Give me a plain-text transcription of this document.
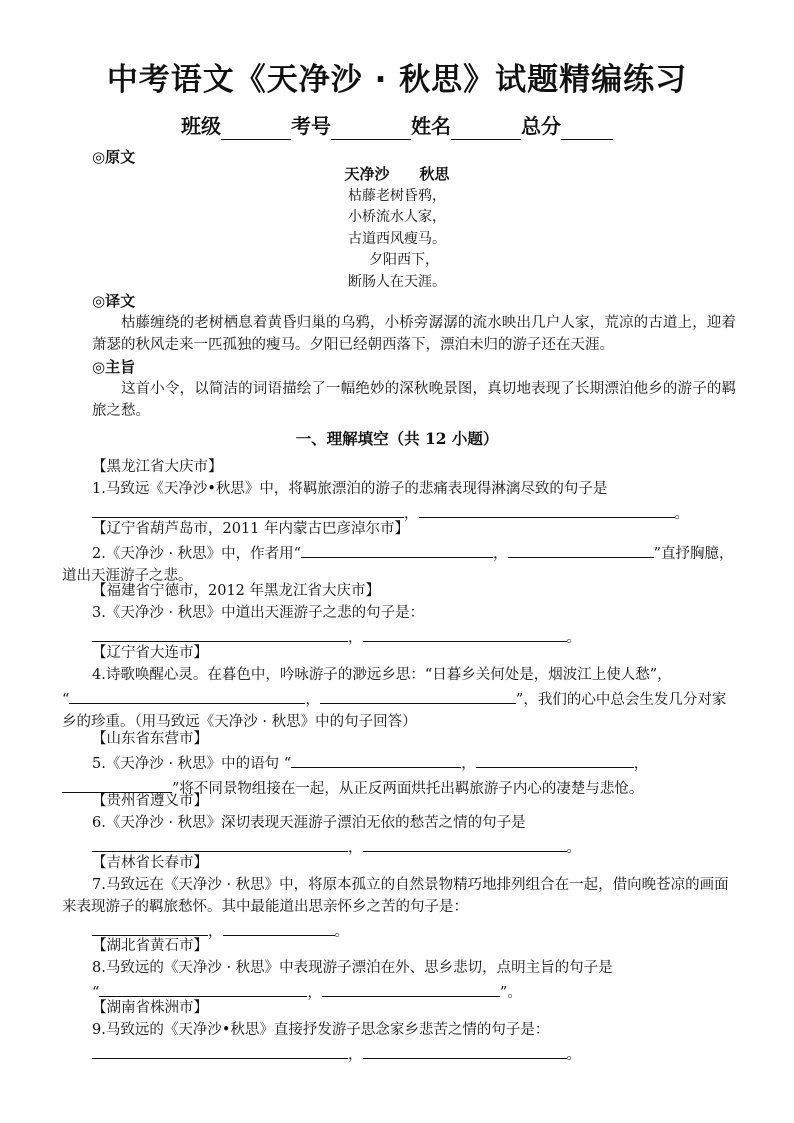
中考语文《天净沙 · 秋思》试题精编练习
班级	考号	姓名	总分
◎原文
天净沙　　秋思
枯藤老树昏鸦，
小桥流水人家，
古道西风瘦马。
夕阳西下，
断肠人在天涯。
◎译文

枯藤缠绕的老树栖息着黄昏归巢的乌鸦，小桥旁潺潺的流水映出几户人家，荒凉的古道上，迎着萧瑟的秋风走来一匹孤独的瘦马。夕阳已经朝西落下，漂泊未归的游子还在天涯。

◎主旨

这首小令，以简洁的词语描绘了一幅绝妙的深秋晚景图，真切地表现了长期漂泊他乡的游子的羁旅之愁。

一、理解填空（共 12 小题）
【黑龙江省大庆市】

1.马致远《天净沙•秋思》中，将羁旅漂泊的游子的悲痛表现得淋漓尽致的句子是

，	。
【辽宁省葫芦岛市，2011 年内蒙古巴彦淖尔市】

2.《天净沙 · 秋思》中，作者用“	，	”直抒胸臆，道出天涯游子之悲。

【福建省宁德市，2012 年黑龙江省大庆市】

3.《天净沙 · 秋思》中道出天涯游子之悲的句子是：

，	。
【辽宁省大连市】

4.诗歌唤醒心灵。在暮色中，吟咏游子的渺远乡思：“日暮乡关何处是，烟波江上使人愁”，

“	，	”，我们的心中总会生发几分对家乡的珍重。（用马致远《天净沙 · 秋思》中的句子回答）

【山东省东营市】

5.《天净沙 · 秋思》中的语句 “	，	，”将不同景物组接在一起，从正反两面烘托出羁旅游子内心的凄楚与悲怆。

【贵州省遵义市】

6.《天净沙 · 秋思》深切表现天涯游子漂泊无依的愁苦之情的句子是

，	。
【吉林省长春市】

7.马致远在《天净沙 · 秋思》中，将原本孤立的自然景物精巧地排列组合在一起，借向晚苍凉的画面来表现游子的羁旅愁怀。其中最能道出思亲怀乡之苦的句子是：

，	。
【湖北省黄石市】

8.马致远的《天净沙 · 秋思》中表现游子漂泊在外、思乡悲切，点明主旨的句子是

“	，	”。
【湖南省株洲市】

9.马致远的《天净沙•秋思》直接抒发游子思念家乡悲苦之情的句子是：

，	。
